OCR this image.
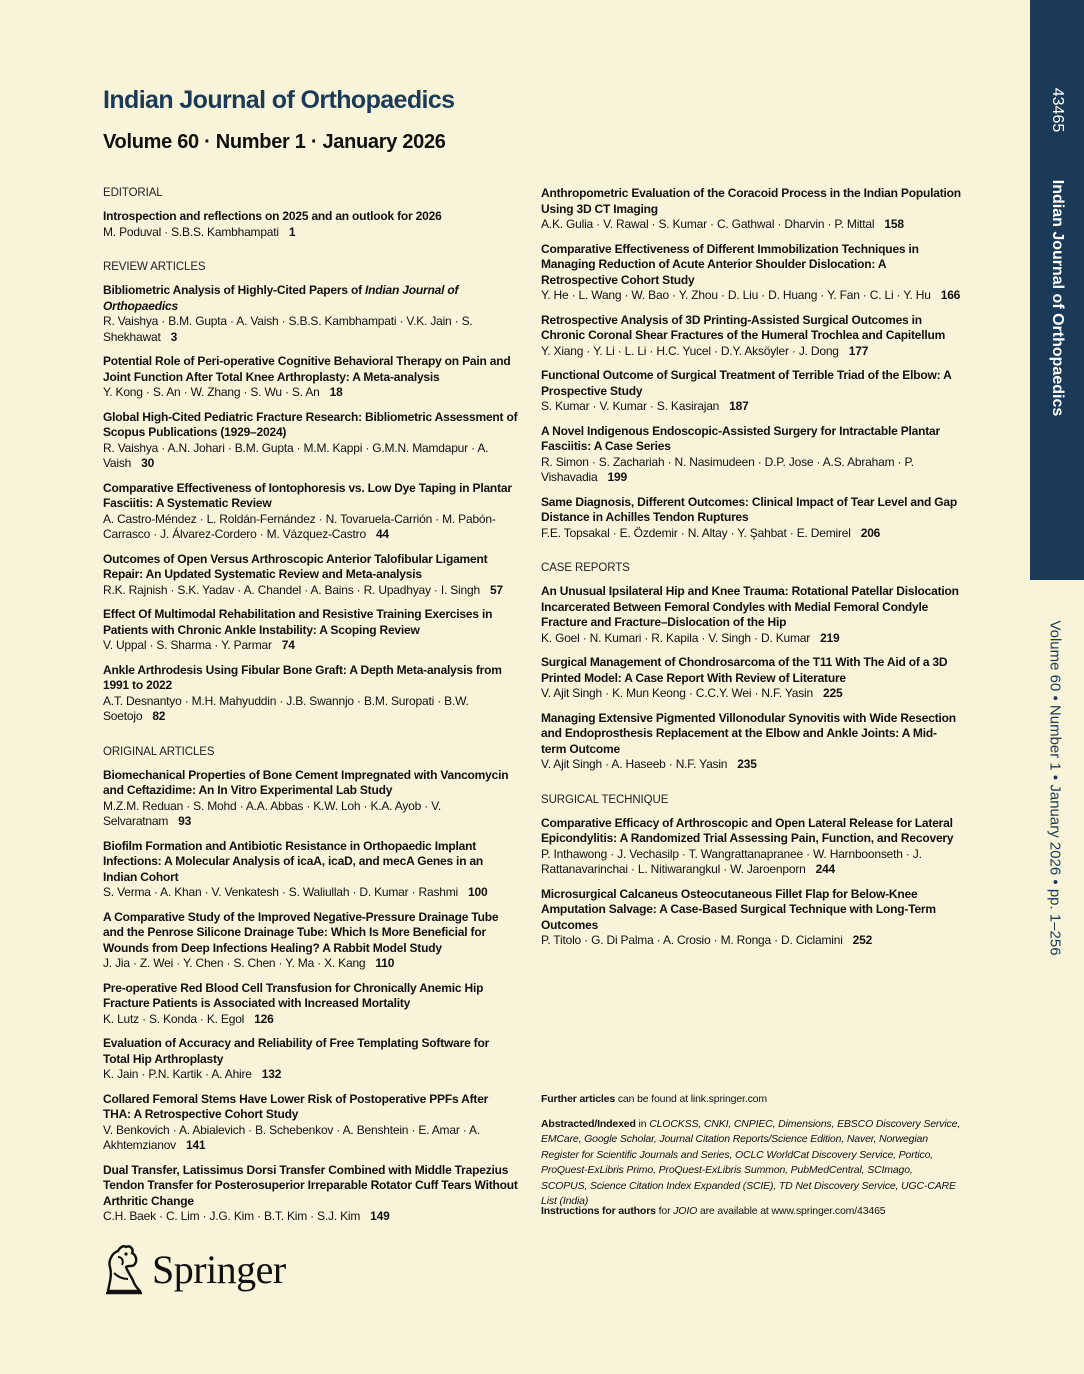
43465
Indian Journal of Orthopaedics
Volume 60 • Number 1 • January 2026 • pp. 1–256
Indian Journal of Orthopaedics
Volume 60 · Number 1 · January 2026
EDITORIAL
Introspection and reflections on 2025 and an outlook for 2026
M. Poduval · S.B.S. Kambhampati 1
REVIEW ARTICLES
Bibliometric Analysis of Highly-Cited Papers of Indian Journal of Orthopaedics
R. Vaishya · B.M. Gupta · A. Vaish · S.B.S. Kambhampati · V.K. Jain · S. Shekhawat 3
Potential Role of Peri-operative Cognitive Behavioral Therapy on Pain and Joint Function After Total Knee Arthroplasty: A Meta-analysis
Y. Kong · S. An · W. Zhang · S. Wu · S. An 18
Global High-Cited Pediatric Fracture Research: Bibliometric Assessment of Scopus Publications (1929–2024)
R. Vaishya · A.N. Johari · B.M. Gupta · M.M. Kappi · G.M.N. Mamdapur · A. Vaish 30
Comparative Effectiveness of Iontophoresis vs. Low Dye Taping in Plantar Fasciitis: A Systematic Review
A. Castro-Méndez · L. Roldán-Fernández · N. Tovaruela-Carrión · M. Pabón-Carrasco · J. Álvarez-Cordero · M. Vázquez-Castro 44
Outcomes of Open Versus Arthroscopic Anterior Talofibular Ligament Repair: An Updated Systematic Review and Meta-analysis
R.K. Rajnish · S.K. Yadav · A. Chandel · A. Bains · R. Upadhyay · I. Singh 57
Effect Of Multimodal Rehabilitation and Resistive Training Exercises in Patients with Chronic Ankle Instability: A Scoping Review
V. Uppal · S. Sharma · Y. Parmar 74
Ankle Arthrodesis Using Fibular Bone Graft: A Depth Meta-analysis from 1991 to 2022
A.T. Desnantyo · M.H. Mahyuddin · J.B. Swannjo · B.M. Suropati · B.W. Soetojo 82
ORIGINAL ARTICLES
Biomechanical Properties of Bone Cement Impregnated with Vancomycin and Ceftazidime: An In Vitro Experimental Lab Study
M.Z.M. Reduan · S. Mohd · A.A. Abbas · K.W. Loh · K.A. Ayob · V. Selvaratnam 93
Biofilm Formation and Antibiotic Resistance in Orthopaedic Implant Infections: A Molecular Analysis of icaA, icaD, and mecA Genes in an Indian Cohort
S. Verma · A. Khan · V. Venkatesh · S. Waliullah · D. Kumar · Rashmi 100
A Comparative Study of the Improved Negative-Pressure Drainage Tube and the Penrose Silicone Drainage Tube: Which Is More Beneficial for Wounds from Deep Infections Healing? A Rabbit Model Study
J. Jia · Z. Wei · Y. Chen · S. Chen · Y. Ma · X. Kang 110
Pre-operative Red Blood Cell Transfusion for Chronically Anemic Hip Fracture Patients is Associated with Increased Mortality
K. Lutz · S. Konda · K. Egol 126
Evaluation of Accuracy and Reliability of Free Templating Software for Total Hip Arthroplasty
K. Jain · P.N. Kartik · A. Ahire 132
Collared Femoral Stems Have Lower Risk of Postoperative PPFs After THA: A Retrospective Cohort Study
V. Benkovich · A. Abialevich · B. Schebenkov · A. Benshtein · E. Amar · A. Akhtemzianov 141
Dual Transfer, Latissimus Dorsi Transfer Combined with Middle Trapezius Tendon Transfer for Posterosuperior Irreparable Rotator Cuff Tears Without Arthritic Change
C.H. Baek · C. Lim · J.G. Kim · B.T. Kim · S.J. Kim 149
Anthropometric Evaluation of the Coracoid Process in the Indian Population Using 3D CT Imaging
A.K. Gulia · V. Rawal · S. Kumar · C. Gathwal · Dharvin · P. Mittal 158
Comparative Effectiveness of Different Immobilization Techniques in Managing Reduction of Acute Anterior Shoulder Dislocation: A Retrospective Cohort Study
Y. He · L. Wang · W. Bao · Y. Zhou · D. Liu · D. Huang · Y. Fan · C. Li · Y. Hu 166
Retrospective Analysis of 3D Printing-Assisted Surgical Outcomes in Chronic Coronal Shear Fractures of the Humeral Trochlea and Capitellum
Y. Xiang · Y. Li · L. Li · H.C. Yucel · D.Y. Aksöyler · J. Dong 177
Functional Outcome of Surgical Treatment of Terrible Triad of the Elbow: A Prospective Study
S. Kumar · V. Kumar · S. Kasirajan 187
A Novel Indigenous Endoscopic-Assisted Surgery for Intractable Plantar Fasciitis: A Case Series
R. Simon · S. Zachariah · N. Nasimudeen · D.P. Jose · A.S. Abraham · P. Vishavadia 199
Same Diagnosis, Different Outcomes: Clinical Impact of Tear Level and Gap Distance in Achilles Tendon Ruptures
F.E. Topsakal · E. Özdemir · N. Altay · Y. Şahbat · E. Demirel 206
CASE REPORTS
An Unusual Ipsilateral Hip and Knee Trauma: Rotational Patellar Dislocation Incarcerated Between Femoral Condyles with Medial Femoral Condyle Fracture and Fracture–Dislocation of the Hip
K. Goel · N. Kumari · R. Kapila · V. Singh · D. Kumar 219
Surgical Management of Chondrosarcoma of the T11 With The Aid of a 3D Printed Model: A Case Report With Review of Literature
V. Ajit Singh · K. Mun Keong · C.C.Y. Wei · N.F. Yasin 225
Managing Extensive Pigmented Villonodular Synovitis with Wide Resection and Endoprosthesis Replacement at the Elbow and Ankle Joints: A Mid-term Outcome
V. Ajit Singh · A. Haseeb · N.F. Yasin 235
SURGICAL TECHNIQUE
Comparative Efficacy of Arthroscopic and Open Lateral Release for Lateral Epicondylitis: A Randomized Trial Assessing Pain, Function, and Recovery
P. Inthawong · J. Vechasilp · T. Wangrattanapranee · W. Harnboonseth · J. Rattanavarinchai · L. Nitiwarangkul · W. Jaroenporn 244
Microsurgical Calcaneus Osteocutaneous Fillet Flap for Below-Knee Amputation Salvage: A Case-Based Surgical Technique with Long-Term Outcomes
P. Titolo · G. Di Palma · A. Crosio · M. Ronga · D. Ciclamini 252
Further articles can be found at link.springer.com
Abstracted/Indexed in CLOCKSS, CNKI, CNPIEC, Dimensions, EBSCO Discovery Service, EMCare, Google Scholar, Journal Citation Reports/Science Edition, Naver, Norwegian Register for Scientific Journals and Series, OCLC WorldCat Discovery Service, Portico, ProQuest-ExLibris Primo, ProQuest-ExLibris Summon, PubMedCentral, SCImago, SCOPUS, Science Citation Index Expanded (SCIE), TD Net Discovery Service, UGC-CARE List (India)
Instructions for authors for JOIO are available at www.springer.com/43465
Springer
